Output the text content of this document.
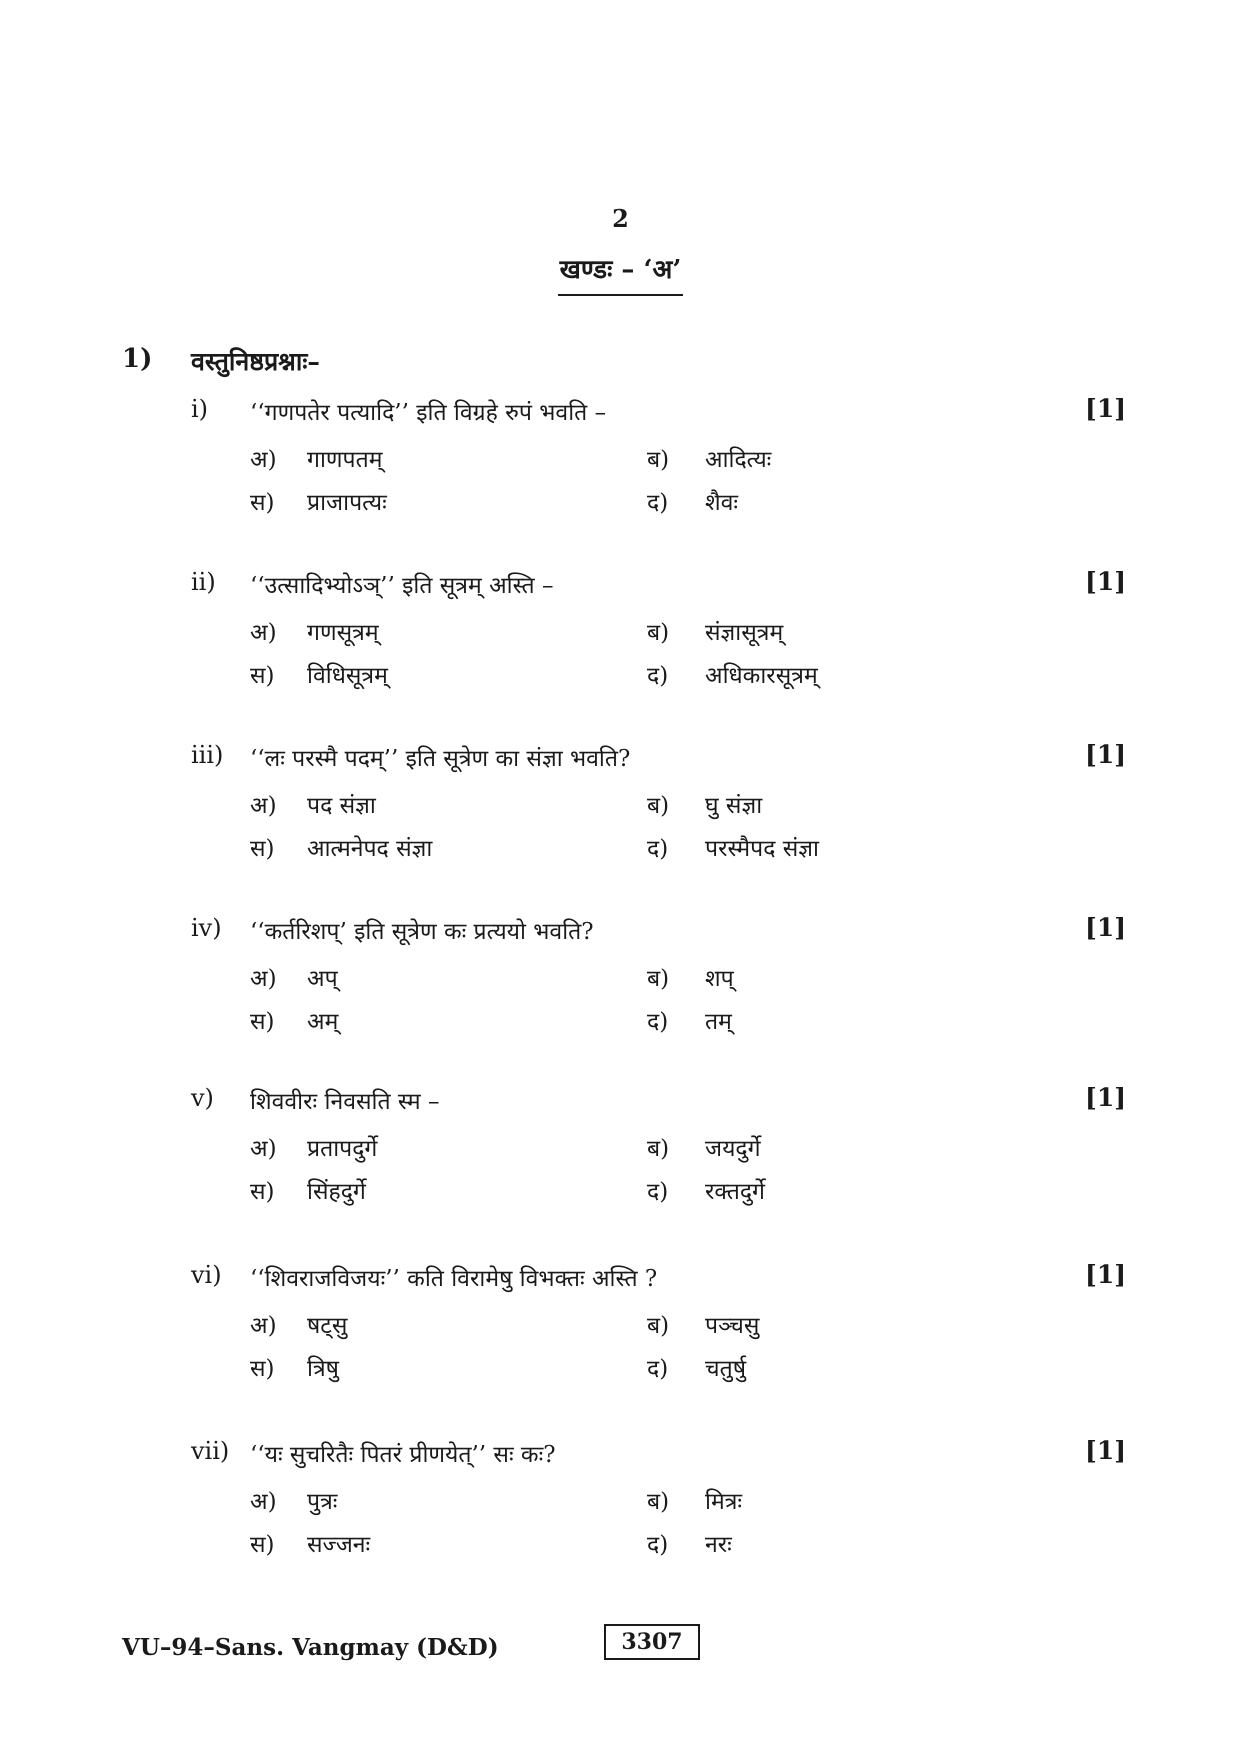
2
खण्डः – ‘अ’
1) वस्तुनिष्ठप्रश्नाः–
i) ‘‘गणपतेर पत्यादि’’ इति विग्रहे रुपं भवति –	[1]
अ) गाणपतम्	ब) आदित्यः
स) प्राजापत्यः	द) शैवः
ii) ‘‘उत्सादिभ्योऽञ्’’ इति सूत्रम् अस्ति –	[1]
अ) गणसूत्रम्	ब) संज्ञासूत्रम्
स) विधिसूत्रम्	द) अधिकारसूत्रम्
iii) ‘‘लः परस्मै पदम्’’ इति सूत्रेण का संज्ञा भवति?	[1]
अ) पद संज्ञा	ब) घु संज्ञा
स) आत्मनेपद संज्ञा	द) परस्मैपद संज्ञा
iv) ‘‘कर्तरिशप्’ इति सूत्रेण कः प्रत्ययो भवति?	[1]
अ) अप्	ब) शप्
स) अम्	द) तम्
v) शिववीरः निवसति स्म –	[1]
अ) प्रतापदुर्गे	ब) जयदुर्गे
स) सिंहदुर्गे	द) रक्तदुर्गे
vi) ‘‘शिवराजविजयः’’ कति विरामेषु विभक्तः अस्ति ?	[1]
अ) षट्सु	ब) पञ्चसु
स) त्रिषु	द) चतुर्षु
vii) ‘‘यः सुचरितैः पितरं प्रीणयेत्’’ सः कः?	[1]
अ) पुत्रः	ब) मित्रः
स) सज्जनः	द) नरः
VU–94–Sans. Vangmay (D&D)	3307
